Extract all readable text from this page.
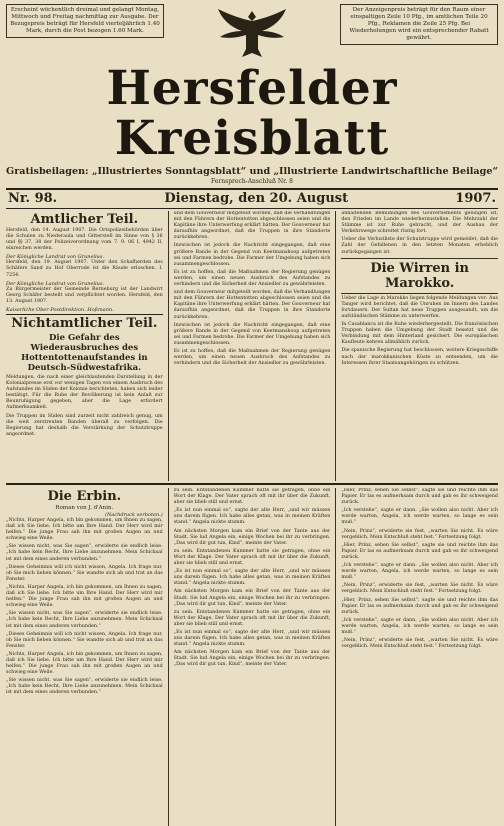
Erscheint wöchentlich dreimal und gelangt Montag, Mittwoch und Freitag nachmittag zur Ausgabe. Der Bezugspreis beträgt für Hersfeld vierteljährlich 1.40 Mark, durch die Post bezogen 1.60 Mark.
Der Anzeigenpreis beträgt für den Raum einer einspaltigen Zeile 10 Pfg., im amtlichen Teile 20 Pfg., Reklamen die Zeile 25 Pfg. Bei Wiederholungen wird ein entsprechender Rabatt gewährt.
Hersfelder Kreisblatt
Gratisbeilagen: „Illustriertes Sonntagsblatt“ und „Illustrierte Landwirtschaftliche Beilage“
Fernsprech-Anschluß Nr. 8
Nr. 98.	Dienstag, den 20. August	1907.
Amtlicher Teil.

Hersfeld, den 14. August 1907. Die Ortspolizeibehörden über die Schulen zu Niederaula und Gitterstell im Sinne von § 36 und §§ 37, 38 der Polizeiverordnung vom 7. 9. 06 I, 4942 II, einreichen werden.

Der Königliche Landrat von Grunelius.

Hersfeld, den 19. August 1907. Unter den Schafherden des Schäfers Sand zu Hof Oberrode ist die Räude erloschen. I. 7254.

Der Königliche Landrat von Grunelius.

Zu Bürgermeister der Gemeinde Berneburg ist der Landwirt Georg Schäfer bestellt und verpflichtet worden. Hersfeld, den 13. August 1907.

Kaiserliche Ober-Postdirektion. Hoßmann.
Nichtamtlicher Teil.
Die Gefahr des Wiederausbruches des Hottentottenaufstandes in Deutsch-Südwestafrika.

Meldungen, die nach einer gleichlautenden Darstellung in der Kolonialpresse erst vor wenigen Tagen von einem Ausbruch des Aufstandes im Süden der Kolonie berichteten, haben sich leider bestätigt. Für die Ruhe der Bevölkerung ist kein Anlaß zur Beunruhigung gegeben, aber die Lage erfordert Aufmerksamkeit.

Die Truppen im Süden sind zurzeit nicht zahlreich genug, um die weit zerstreuten Banden überall zu verfolgen. Die Regierung hat deshalb die Verstärkung der Schutztruppe angeordnet.

und dem Gouverneur mitgeteilt worden, daß die Verhandlungen mit den Führern der Hottentotten abgeschlossen seien und die Kapitäne ihre Unterwerfung erklärt hätten. Der Gouverneur hat daraufhin angeordnet, daß die Truppen in ihre Standorte zurückkehren.

Inzwischen ist jedoch die Nachricht eingegangen, daß eine größere Bande in der Gegend von Keetmanshoop aufgetreten sei und Farmen bedrohe. Die Farmer der Umgebung haben sich zusammengeschlossen.

Es ist zu hoffen, daß die Maßnahmen der Regierung genügen werden, um einen neuen Ausbruch des Aufstandes zu verhindern und die Sicherheit der Ansiedler zu gewährleisten.

und dem Gouverneur mitgeteilt worden, daß die Verhandlungen mit den Führern der Hottentotten abgeschlossen seien und die Kapitäne ihre Unterwerfung erklärt hätten. Der Gouverneur hat daraufhin angeordnet, daß die Truppen in ihre Standorte zurückkehren.

Inzwischen ist jedoch die Nachricht eingegangen, daß eine größere Bande in der Gegend von Keetmanshoop aufgetreten sei und Farmen bedrohe. Die Farmer der Umgebung haben sich zusammengeschlossen.

Es ist zu hoffen, daß die Maßnahmen der Regierung genügen werden, um einen neuen Ausbruch des Aufstandes zu verhindern und die Sicherheit der Ansiedler zu gewährleisten.

anhaltenden Bemühungen des Gouvernements gelungen ist, den Frieden im Lande wiederherzustellen. Die Mehrzahl der Stämme ist zur Ruhe gebracht, und der Ausbau der Verkehrswege schreitet rüstig fort.

Ueber die Verlustliste der Schutztruppe wird gemeldet, daß die Zahl der Gefallenen in den letzten Monaten erheblich zurückgegangen ist.

Die Wirren in Marokko.

Ueber die Lage in Marokko liegen folgende Meldungen vor: Aus Tanger wird berichtet, daß die Unruhen im Innern des Landes fortdauern. Der Sultan hat neue Truppen ausgesandt, um die aufständischen Stämme zu unterwerfen.

In Casablanca ist die Ruhe wiederhergestellt. Die französischen Truppen haben die Umgebung der Stadt besetzt und die Verbindung mit dem Hinterland gesichert. Die europäischen Kaufleute kehren allmählich zurück.

Die spanische Regierung hat beschlossen, weitere Kriegsschiffe nach der marokkanischen Küste zu entsenden, um die Interessen ihrer Staatsangehörigen zu schützen.

Die Erbin.
Roman von J. d'Anin.
(Nachdruck verboten.)

„Nichts, Harper Angela, ich bin gekommen, um Ihnen zu sagen, daß ich Sie liebe. Ich bitte um Ihre Hand. Der Herr wird mir helfen.“ Die junge Frau sah ihn mit großen Augen an und schwieg eine Weile.

„Sie wissen nicht, was Sie sagen“, erwiderte sie endlich leise. „Ich habe kein Recht, Ihre Liebe anzunehmen. Mein Schicksal ist mit dem eines anderen verbunden.“

„Dieses Geheimnis will ich nicht wissen, Angela. Ich frage nur, ob Sie mich lieben können.“ Sie wandte sich ab und trat an das Fenster.

„Nichts, Harper Angela, ich bin gekommen, um Ihnen zu sagen, daß ich Sie liebe. Ich bitte um Ihre Hand. Der Herr wird mir helfen.“ Die junge Frau sah ihn mit großen Augen an und schwieg eine Weile.

„Sie wissen nicht, was Sie sagen“, erwiderte sie endlich leise. „Ich habe kein Recht, Ihre Liebe anzunehmen. Mein Schicksal ist mit dem eines anderen verbunden.“

„Dieses Geheimnis will ich nicht wissen, Angela. Ich frage nur, ob Sie mich lieben können.“ Sie wandte sich ab und trat an das Fenster.

„Nichts, Harper Angela, ich bin gekommen, um Ihnen zu sagen, daß ich Sie liebe. Ich bitte um Ihre Hand. Der Herr wird mir helfen.“ Die junge Frau sah ihn mit großen Augen an und schwieg eine Weile.

„Sie wissen nicht, was Sie sagen“, erwiderte sie endlich leise. „Ich habe kein Recht, Ihre Liebe anzunehmen. Mein Schicksal ist mit dem eines anderen verbunden.“

zu sein. Entstandenen Kummer hatte sie getragen, ohne ein Wort der Klage. Der Vater sprach oft mit ihr über die Zukunft, aber sie blieb still und ernst.

„Es ist nun einmal so“, sagte der alte Herr, „und wir müssen uns darein fügen. Ich habe alles getan, was in meinen Kräften stand.“ Angela nickte stumm.

Am nächsten Morgen kam ein Brief von der Tante aus der Stadt. Sie lud Angela ein, einige Wochen bei ihr zu verbringen. „Das wird dir gut tun, Kind“, meinte der Vater.

zu sein. Entstandenen Kummer hatte sie getragen, ohne ein Wort der Klage. Der Vater sprach oft mit ihr über die Zukunft, aber sie blieb still und ernst.

„Es ist nun einmal so“, sagte der alte Herr, „und wir müssen uns darein fügen. Ich habe alles getan, was in meinen Kräften stand.“ Angela nickte stumm.

Am nächsten Morgen kam ein Brief von der Tante aus der Stadt. Sie lud Angela ein, einige Wochen bei ihr zu verbringen. „Das wird dir gut tun, Kind“, meinte der Vater.

zu sein. Entstandenen Kummer hatte sie getragen, ohne ein Wort der Klage. Der Vater sprach oft mit ihr über die Zukunft, aber sie blieb still und ernst.

„Es ist nun einmal so“, sagte der alte Herr, „und wir müssen uns darein fügen. Ich habe alles getan, was in meinen Kräften stand.“ Angela nickte stumm.

Am nächsten Morgen kam ein Brief von der Tante aus der Stadt. Sie lud Angela ein, einige Wochen bei ihr zu verbringen. „Das wird dir gut tun, Kind“, meinte der Vater.

„Hier, Prinz, sehen Sie selbst“, sagte sie und reichte ihm das Papier. Er las es aufmerksam durch und gab es ihr schweigend zurück.

„Ich verstehe“, sagte er dann. „Sie wollen also nicht. Aber ich werde warten, Angela, ich werde warten, so lange es sein muß.“

„Nein, Prinz“, erwiderte sie fest, „warten Sie nicht. Es wäre vergeblich. Mein Entschluß steht fest.“ Fortsetzung folgt.

„Hier, Prinz, sehen Sie selbst“, sagte sie und reichte ihm das Papier. Er las es aufmerksam durch und gab es ihr schweigend zurück.

„Ich verstehe“, sagte er dann. „Sie wollen also nicht. Aber ich werde warten, Angela, ich werde warten, so lange es sein muß.“

„Nein, Prinz“, erwiderte sie fest, „warten Sie nicht. Es wäre vergeblich. Mein Entschluß steht fest.“ Fortsetzung folgt.

„Hier, Prinz, sehen Sie selbst“, sagte sie und reichte ihm das Papier. Er las es aufmerksam durch und gab es ihr schweigend zurück.

„Ich verstehe“, sagte er dann. „Sie wollen also nicht. Aber ich werde warten, Angela, ich werde warten, so lange es sein muß.“

„Nein, Prinz“, erwiderte sie fest, „warten Sie nicht. Es wäre vergeblich. Mein Entschluß steht fest.“ Fortsetzung folgt.
